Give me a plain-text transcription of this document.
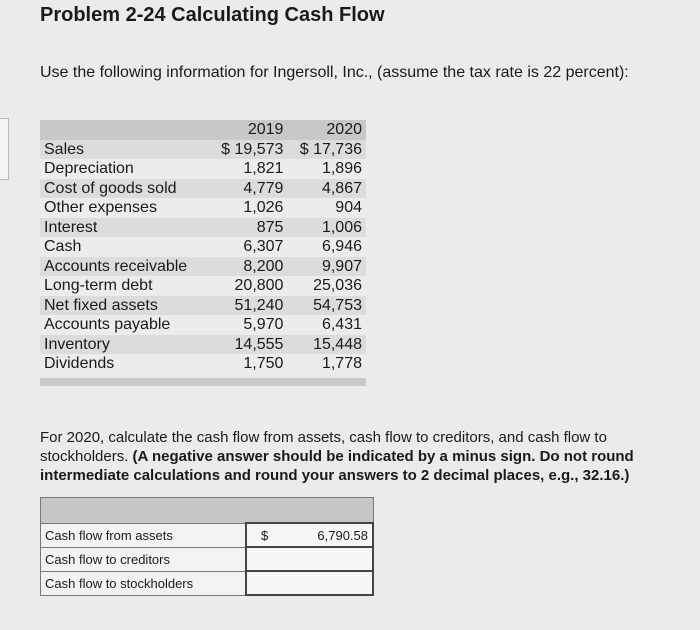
Problem 2-24 Calculating Cash Flow
Use the following information for Ingersoll, Inc., (assume the tax rate is 22 percent):
	2019	2020
Sales	$ 19,573	$ 17,736
Depreciation	1,821	1,896
Cost of goods sold	4,779	4,867
Other expenses	1,026	904
Interest	875	1,006
Cash	6,307	6,946
Accounts receivable	8,200	9,907
Long-term debt	20,800	25,036
Net fixed assets	51,240	54,753
Accounts payable	5,970	6,431
Inventory	14,555	15,448
Dividends	1,750	1,778
For 2020, calculate the cash flow from assets, cash flow to creditors, and cash flow to stockholders. (A negative answer should be indicated by a minus sign. Do not round intermediate calculations and round your answers to 2 decimal places, e.g., 32.16.)

Cash flow from assets	$ 6,790.58

Cash flow to creditors	

Cash flow to stockholders	
